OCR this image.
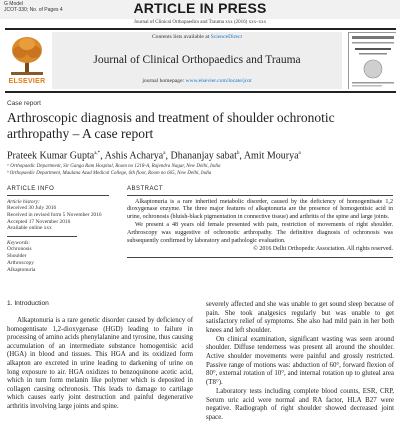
G Model
JCOT-330; No. of Pages 4	ARTICLE IN PRESS
Journal of Clinical Orthopaedics and Trauma xxx (2016) xxx–xxx
ELSEVIER
Contents lists available at ScienceDirect
Journal of Clinical Orthopaedics and Trauma
journal homepage: www.elsevier.com/locate/jcot
Case report
Arthroscopic diagnosis and treatment of shoulder ochronotic arthropathy – A case report
Prateek Kumar Gupta$^{a,*}$, Ashis Acharya$^a$, Dhananjay sabat$^b$, Amit Mourya$^a$
ᵃ Orthopaedic Department, Sir Ganga Ram Hospital, Room no 1218-A, Rajendra Nagar, New Delhi, India
ᵇ Orthopaedic Department, Maulana Azad Medical College, 6th floor, Room no 665, New Delhi, India
ARTICLE INFO
Article history:
Received 30 July 2016
Received in revised form 5 November 2016
Accepted 17 November 2016
Available online xxx
Keywords:
Ochronosis
Shoulder
Arthroscopy
Alkaptonuria
ABSTRACT
Alkaptonuria is a rare inherited metabolic disorder, caused by the deficiency of homogentisate 1,2 dioxygenase enzyme. The three major features of alkaptonuria are the presence of homogentisic acid in urine, ochronosis (bluish-black pigmentation in connective tissue) and arthritis of the spine and large joints.
We present a 48 years old female presented with pain, restriction of movements of right shoulder. Arthroscopy was suggestive of ochronotic arthropathy. The definitive diagnosis of ochronosis was subsequently confirmed by laboratory and pathologic evaluation.
© 2016 Delhi Orthopedic Association. All rights reserved.
1. Introduction
Alkaptonuria is a rare genetic disorder caused by deficiency of homogentisate 1,2-dioxygenase (HGD) leading to failure in processing of amino acids phenylalanine and tyrosine, thus causing accumulation of an intermediate substance homogentisic acid (HGA) in blood and tissues. This HGA and its oxidized form alkapton are excreted in urine leading to darkening of urine on long exposure to air. HGA oxidizes to benzoquinone acetic acid, which in turn form melanin like polymer which is deposited in collagen causing ochronosis. This leads to damage to cartilage which causes early joint destruction and painful degenerative arthritis involving large joints and spine.
severely affected and she was unable to get sound sleep because of pain. She took analgesics regularly but was unable to get satisfactory relief of symptoms. She also had mild pain in her both knees and left shoulder.
On clinical examination, significant wasting was seen around shoulder. Diffuse tenderness was present all around the shoulder. Active shoulder movements were painful and grossly restricted. Passive range of motions was: abduction of 60°, forward flexion of 80°, external rotation of 10°, and internal rotation up to gluteal area (T8°).
Laboratory tests including complete blood counts, ESR, CRP, Serum uric acid were normal and RA factor, HLA B27 were negative. Radiograph of right shoulder showed decreased joint space.
